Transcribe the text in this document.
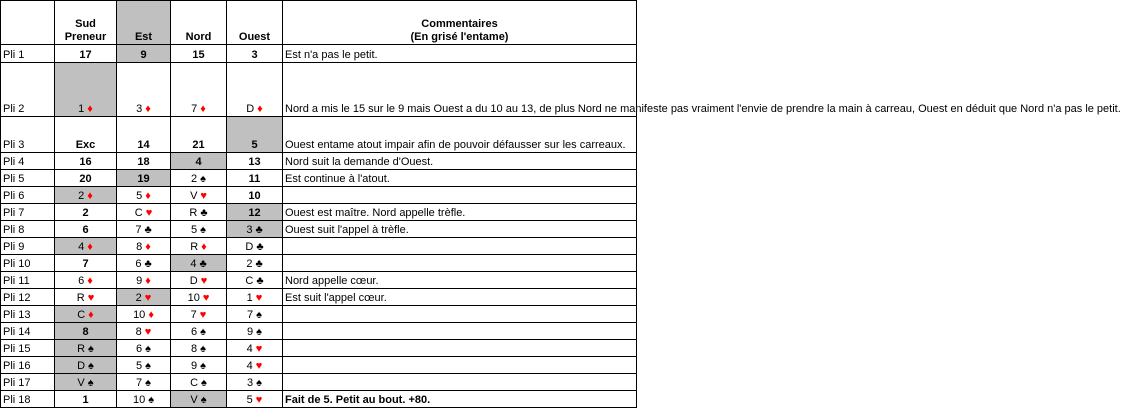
	Sud
Preneur	Est	Nord	Ouest	Commentaires
(En grisé l'entame)
Pli 1	17	9	15	3	Est n'a pas le petit.
Pli 2	1 ♦	3 ♦	7 ♦	D ♦	Nord a mis le 15 sur le 9 mais Ouest a du 10 au 13, de plus Nord ne manifeste pas vraiment l'envie de prendre la main à carreau, Ouest en déduit que Nord n'a pas le petit.
Pli 3	Exc	14	21	5	Ouest entame atout impair afin de pouvoir défausser sur les carreaux.
Pli 4	16	18	4	13	Nord suit la demande d'Ouest.
Pli 5	20	19	2 ♠	11	Est continue à l'atout.
Pli 6	2 ♦	5 ♦	V ♥	10	
Pli 7	2	C ♥	R ♣	12	Ouest est maître. Nord appelle trèfle.
Pli 8	6	7 ♣	5 ♠	3 ♣	Ouest suit l'appel à trèfle.
Pli 9	4 ♦	8 ♦	R ♦	D ♣	
Pli 10	7	6 ♣	4 ♣	2 ♣	
Pli 11	6 ♦	9 ♦	D ♥	C ♣	Nord appelle cœur.
Pli 12	R ♥	2 ♥	10 ♥	1 ♥	Est suit l'appel cœur.
Pli 13	C ♦	10 ♦	7 ♥	7 ♠	
Pli 14	8	8 ♥	6 ♠	9 ♠	
Pli 15	R ♠	6 ♠	8 ♠	4 ♥	
Pli 16	D ♠	5 ♠	9 ♠	4 ♥	
Pli 17	V ♠	7 ♠	C ♠	3 ♠	
Pli 18	1	10 ♠	V ♠	5 ♥	Fait de 5. Petit au bout. +80.
